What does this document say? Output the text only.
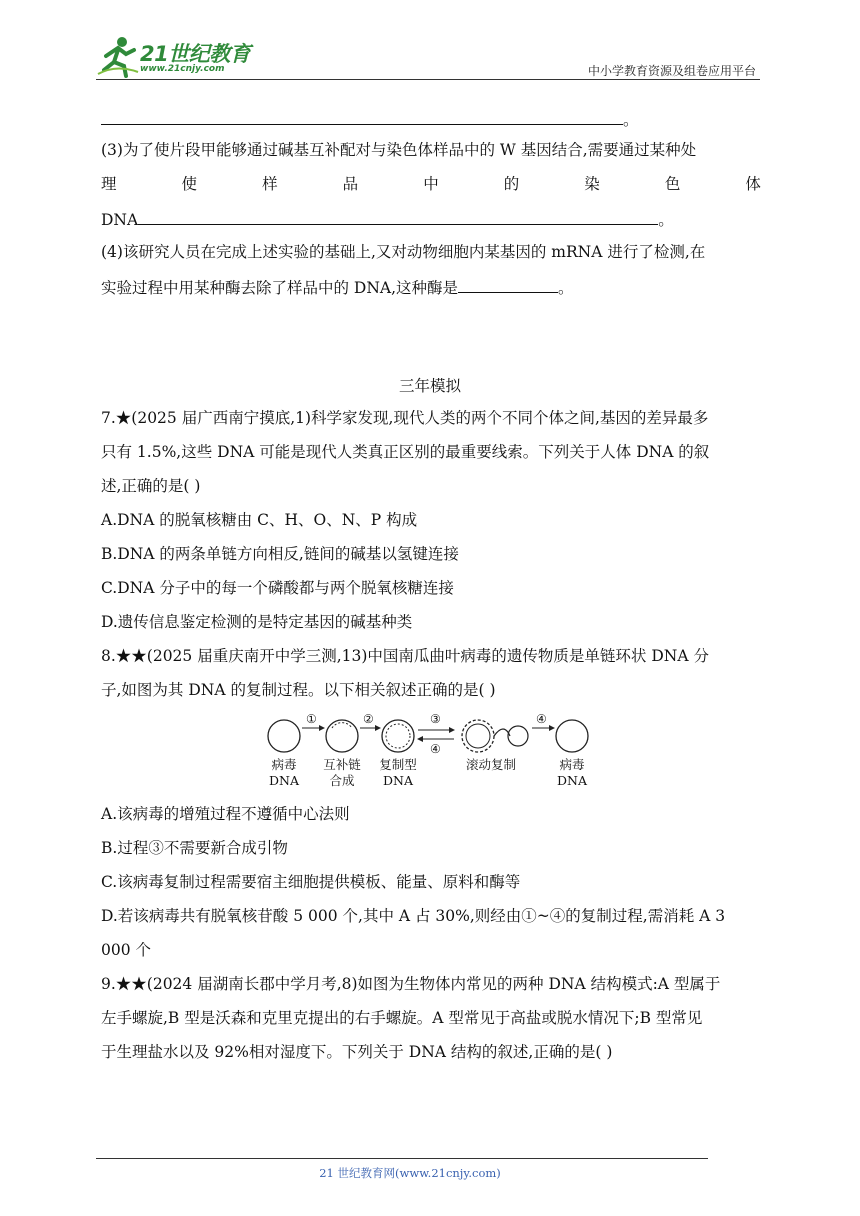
21世纪教育
www.21cnjy.com	中小学教育资源及组卷应用平台
。
(3)为了使片段甲能够通过碱基互补配对与染色体样品中的 W 基因结合,需要通过某种处
理	使	样	品	中	的	染	色	体
DNA	。
(4)该研究人员在完成上述实验的基础上,又对动物细胞内某基因的 mRNA 进行了检测,在
实验过程中用某种酶去除了样品中的 DNA,这种酶是	。
三年模拟
7.★(2025 届广西南宁摸底,1)科学家发现,现代人类的两个不同个体之间,基因的差异最多
只有 1.5%,这些 DNA 可能是现代人类真正区别的最重要线索。下列关于人体 DNA 的叙
述,正确的是( )
A.DNA 的脱氧核糖由 C、H、O、N、P 构成
B.DNA 的两条单链方向相反,链间的碱基以氢键连接
C.DNA 分子中的每一个磷酸都与两个脱氧核糖连接
D.遗传信息鉴定检测的是特定基因的碱基种类
8.★★(2025 届重庆南开中学三测,13)中国南瓜曲叶病毒的遗传物质是单链环状 DNA 分
子,如图为其 DNA 的复制过程。以下相关叙述正确的是( )
①	②	③
④
④
病毒
DNA
互补链
合成
复制型
DNA
滚动复制	病毒
DNA
A.该病毒的增殖过程不遵循中心法则
B.过程③不需要新合成引物
C.该病毒复制过程需要宿主细胞提供模板、能量、原料和酶等
D.若该病毒共有脱氧核苷酸 5 000 个,其中 A 占 30%,则经由①~④的复制过程,需消耗 A 3
000 个
9.★★(2024 届湖南长郡中学月考,8)如图为生物体内常见的两种 DNA 结构模式:A 型属于
左手螺旋,B 型是沃森和克里克提出的右手螺旋。A 型常见于高盐或脱水情况下;B 型常见
于生理盐水以及 92%相对湿度下。下列关于 DNA 结构的叙述,正确的是( )
21 世纪教育网(www.21cnjy.com)
